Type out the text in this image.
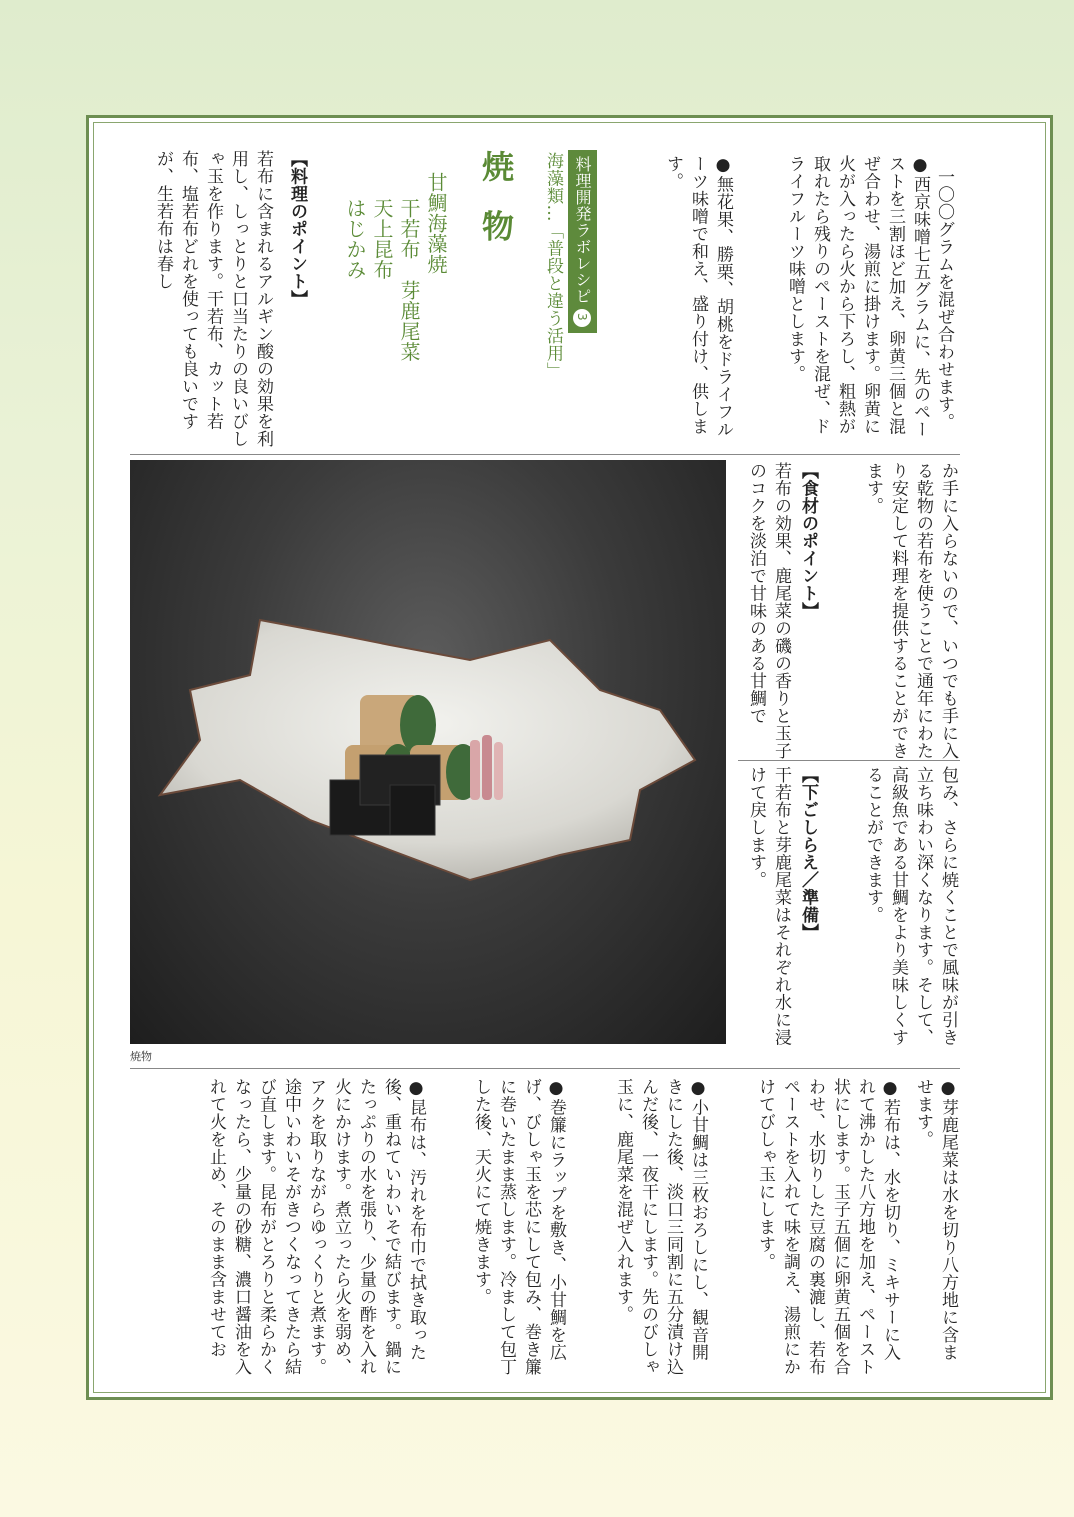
一〇〇グラムを混ぜ合わせます。
●西京味噌七五グラムに、先のペーストを三割ほど加え、卵黄三個と混ぜ合わせ、湯煎に掛けます。卵黄に火が入ったら火から下ろし、粗熱が取れたら残りのペーストを混ぜ、ドライフルーツ味噌とします。
●無花果、勝栗、胡桃をドライフルーツ味噌で和え、盛り付け、供します。
料理開発ラボレシピ3
海藻類…「普段と違う活用」
焼 物
甘鯛海藻焼
干若布　芽鹿尾菜
天上昆布
はじかみ
【料理のポイント】
若布に含まれるアルギン酸の効果を利用し、しっとりと口当たりの良いびしゃ玉を作ります。干若布、カット若布、塩若布どれを使っても良いですが、生若布は春し
焼物
か手に入らないので、いつでも手に入る乾物の若布を使うことで通年にわたり安定して料理を提供することができます。
【食材のポイント】
若布の効果、鹿尾菜の磯の香りと玉子のコクを淡泊で甘味のある甘鯛で
包み、さらに焼くことで風味が引き立ち味わい深くなります。そして、高級魚である甘鯛をより美味しくすることができます。
【下ごしらえ／準備】
干若布と芽鹿尾菜はそれぞれ水に浸けて戻します。
●芽鹿尾菜は水を切り八方地に含ませます。
●若布は、水を切り、ミキサーに入れて沸かした八方地を加え、ペースト状にします。玉子五個に卵黄五個を合わせ、水切りした豆腐の裏漉し、若布ペーストを入れて味を調え、湯煎にかけてびしゃ玉にします。
●小甘鯛は三枚おろしにし、観音開きにした後、淡口三同割に五分漬け込んだ後、一夜干にします。先のびしゃ玉に、鹿尾菜を混ぜ入れます。
●巻簾にラップを敷き、小甘鯛を広げ、びしゃ玉を芯にして包み、巻き簾に巻いたまま蒸します。冷まして包丁した後、天火にて焼きます。
●昆布は、汚れを布巾で拭き取った後、重ねていわいそで結びます。鍋にたっぷりの水を張り、少量の酢を入れ火にかけます。煮立ったら火を弱め、アクを取りながらゆっくりと煮ます。途中いわいそがきつくなってきたら結び直します。昆布がとろりと柔らかくなったら、少量の砂糖、濃口醤油を入れて火を止め、そのまま含ませてお
